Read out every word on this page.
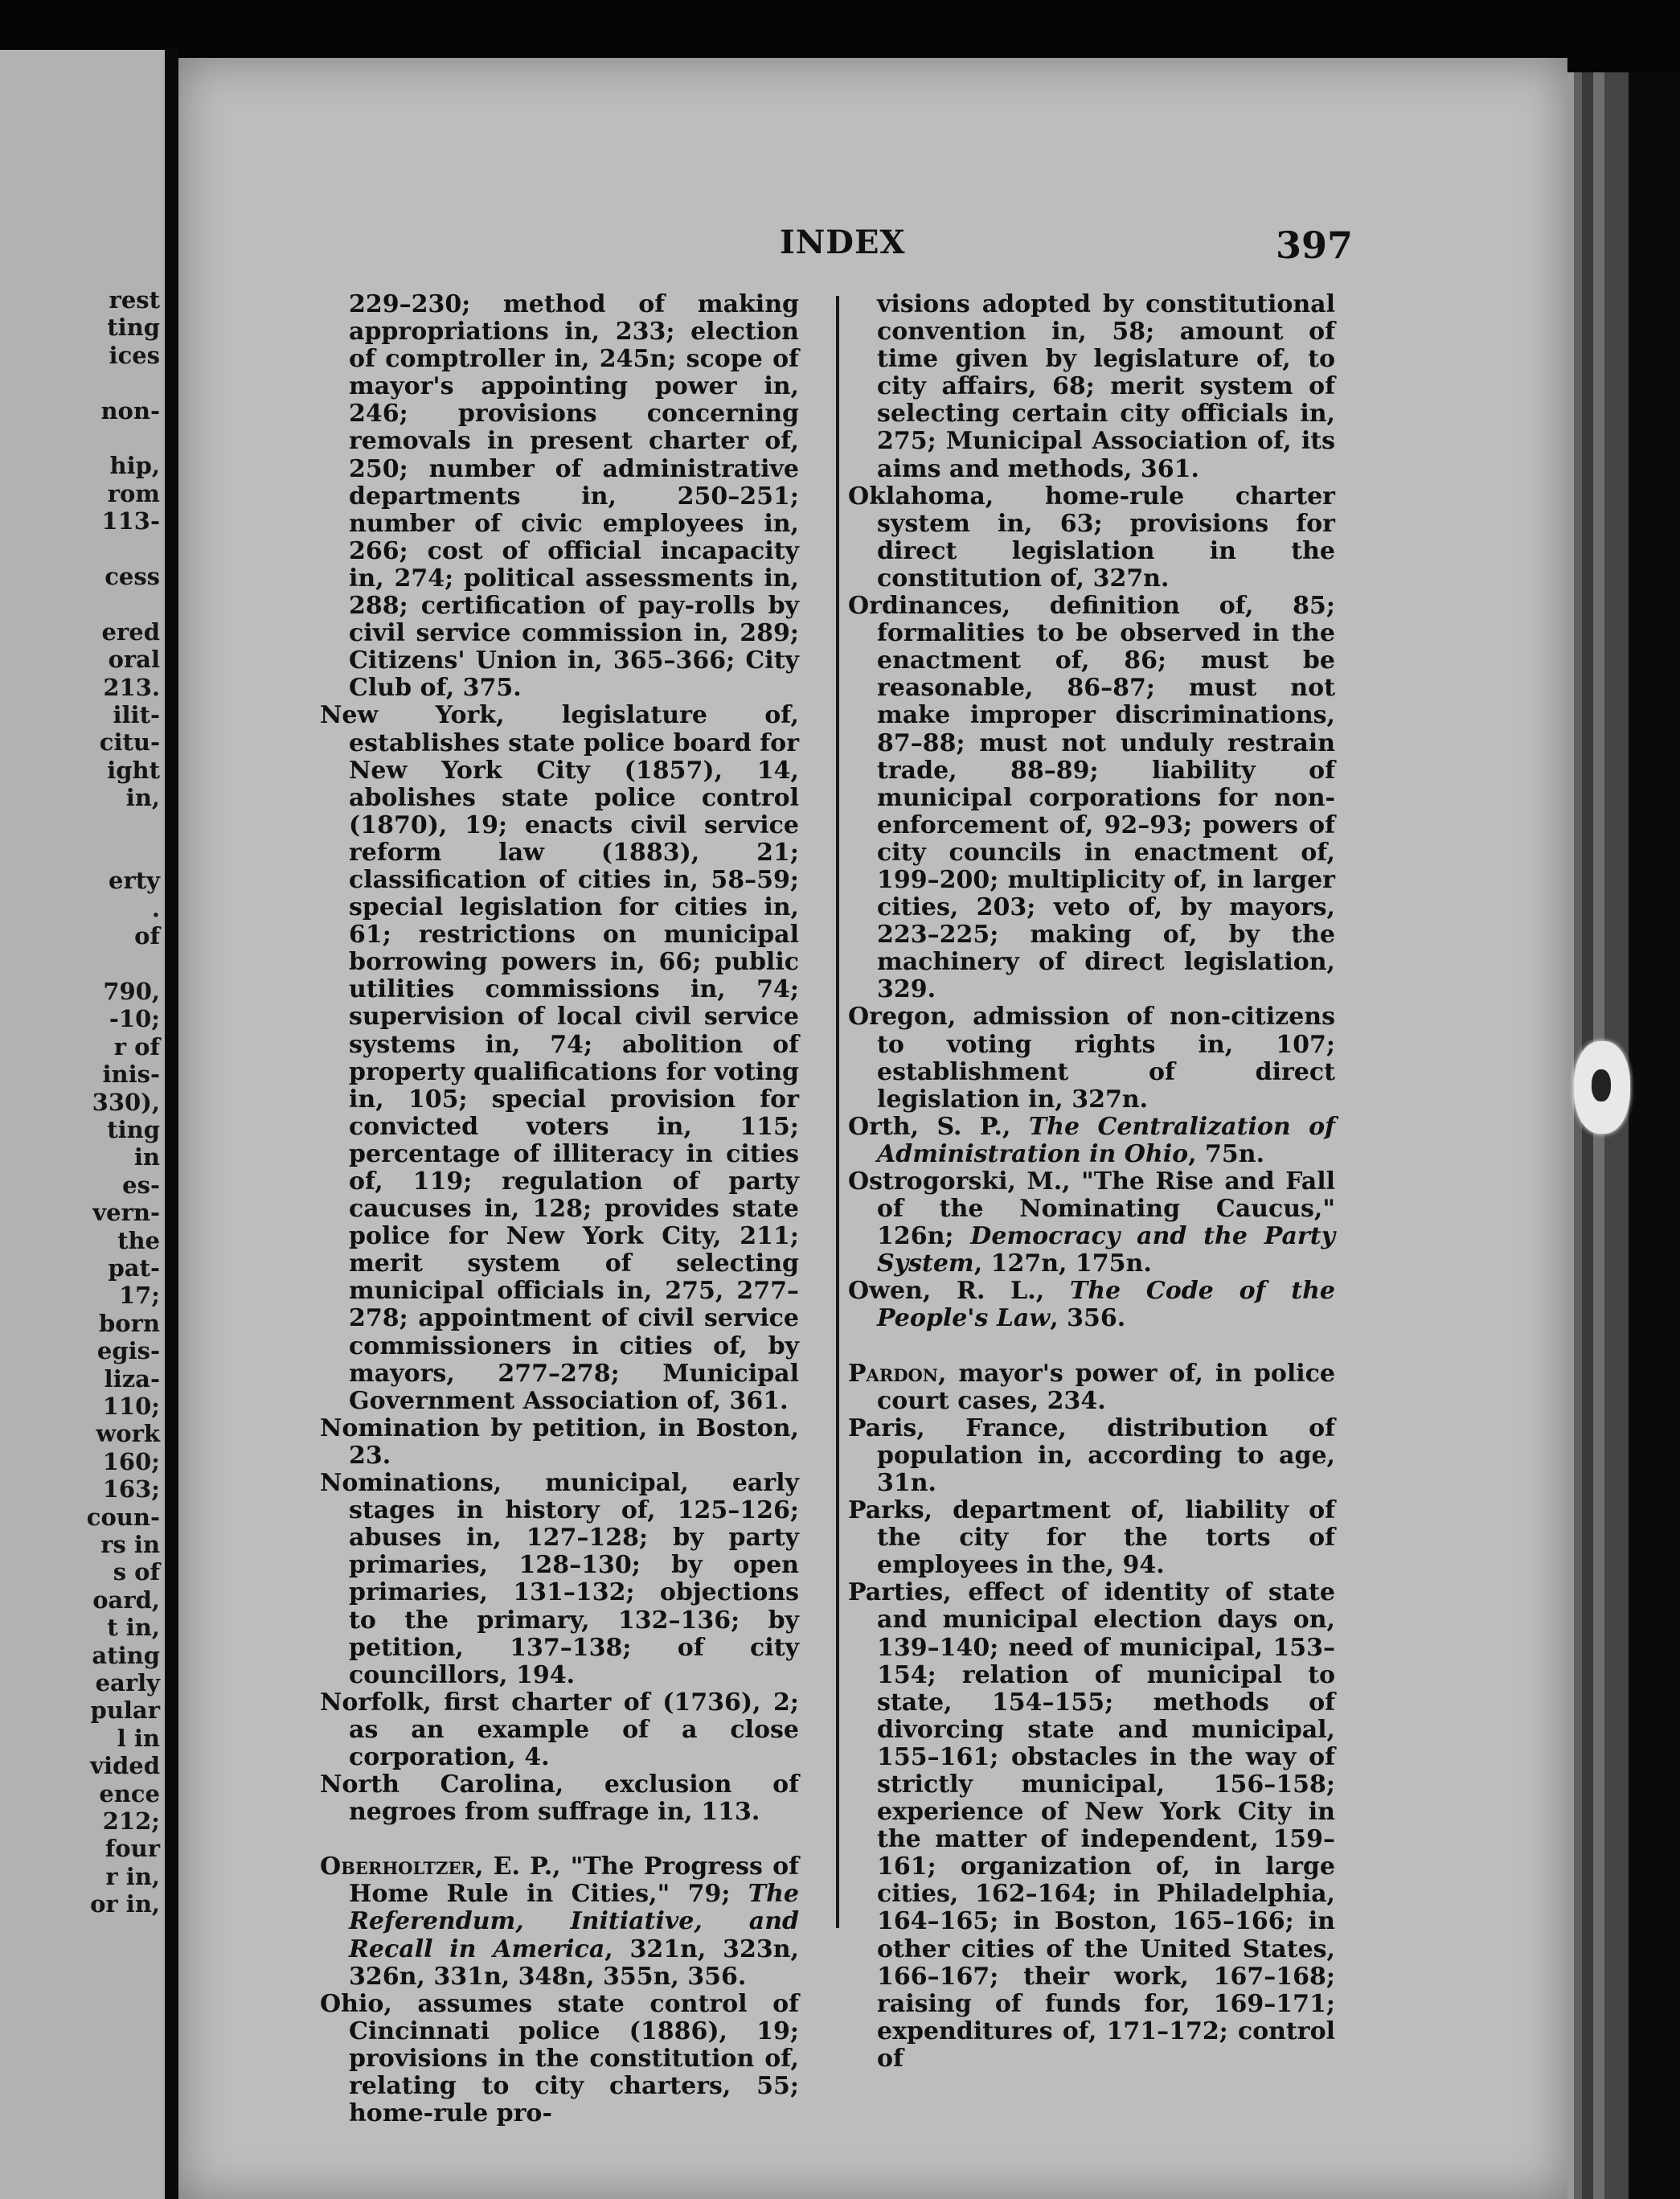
rest
ting
ices
non-
hip,
rom
113-
cess
ered
oral
213.
ilit-
citu-
ight
in,
erty
.
of
790,
-10;
r of
inis-
330),
ting
in
es-
vern-
the
pat-
17;
born
egis-
liza-
110;
work
160;
163;
coun-
rs in
s of
oard,
t in,
ating
early
pular
l in
vided
ence
212;
four
r in,
or in,
INDEX	397

229–230; method of making appropriations in, 233; election of comptroller in, 245n; scope of mayor's appointing power in, 246; provisions concerning removals in present charter of, 250; number of administrative departments in, 250–251; number of civic employees in, 266; cost of official incapacity in, 274; political assessments in, 288; certification of pay-rolls by civil service commission in, 289; Citizens' Union in, 365–366; City Club of, 375.

New York, legislature of, establishes state police board for New York City (1857), 14, abolishes state police control (1870), 19; enacts civil service reform law (1883), 21; classification of cities in, 58–59; special legislation for cities in, 61; restrictions on municipal borrowing powers in, 66; public utilities commissions in, 74; supervision of local civil service systems in, 74; abolition of property qualifications for voting in, 105; special provision for convicted voters in, 115; percentage of illiteracy in cities of, 119; regulation of party caucuses in, 128; provides state police for New York City, 211; merit system of selecting municipal officials in, 275, 277–278; appointment of civil service commissioners in cities of, by mayors, 277–278; Municipal Government Association of, 361.

Nomination by petition, in Boston, 23.

Nominations, municipal, early stages in history of, 125–126; abuses in, 127–128; by party primaries, 128–130; by open primaries, 131–132; objections to the primary, 132–136; by petition, 137–138; of city councillors, 194.

Norfolk, first charter of (1736), 2; as an example of a close corporation, 4.

North Carolina, exclusion of negroes from suffrage in, 113.

Oberholtzer, E. P., "The Progress of Home Rule in Cities," 79; The Referendum, Initiative, and Recall in America, 321n, 323n, 326n, 331n, 348n, 355n, 356.

Ohio, assumes state control of Cincinnati police (1886), 19; provisions in the constitution of, relating to city charters, 55; home-rule pro-

visions adopted by constitutional convention in, 58; amount of time given by legislature of, to city affairs, 68; merit system of selecting certain city officials in, 275; Municipal Association of, its aims and methods, 361.

Oklahoma, home-rule charter system in, 63; provisions for direct legislation in the constitution of, 327n.

Ordinances, definition of, 85; formalities to be observed in the enactment of, 86; must be reasonable, 86–87; must not make improper discriminations, 87–88; must not unduly restrain trade, 88–89; liability of municipal corporations for non-enforcement of, 92–93; powers of city councils in enactment of, 199–200; multiplicity of, in larger cities, 203; veto of, by mayors, 223–225; making of, by the machinery of direct legislation, 329.

Oregon, admission of non-citizens to voting rights in, 107; establishment of direct legislation in, 327n.

Orth, S. P., The Centralization of Administration in Ohio, 75n.

Ostrogorski, M., "The Rise and Fall of the Nominating Caucus," 126n; Democracy and the Party System, 127n, 175n.

Owen, R. L., The Code of the People's Law, 356.

Pardon, mayor's power of, in police court cases, 234.

Paris, France, distribution of population in, according to age, 31n.

Parks, department of, liability of the city for the torts of employees in the, 94.

Parties, effect of identity of state and municipal election days on, 139–140; need of municipal, 153–154; relation of municipal to state, 154–155; methods of divorcing state and municipal, 155–161; obstacles in the way of strictly municipal, 156–158; experience of New York City in the matter of independent, 159–161; organization of, in large cities, 162–164; in Philadelphia, 164–165; in Boston, 165–166; in other cities of the United States, 166–167; their work, 167–168; raising of funds for, 169–171; expenditures of, 171–172; control of
